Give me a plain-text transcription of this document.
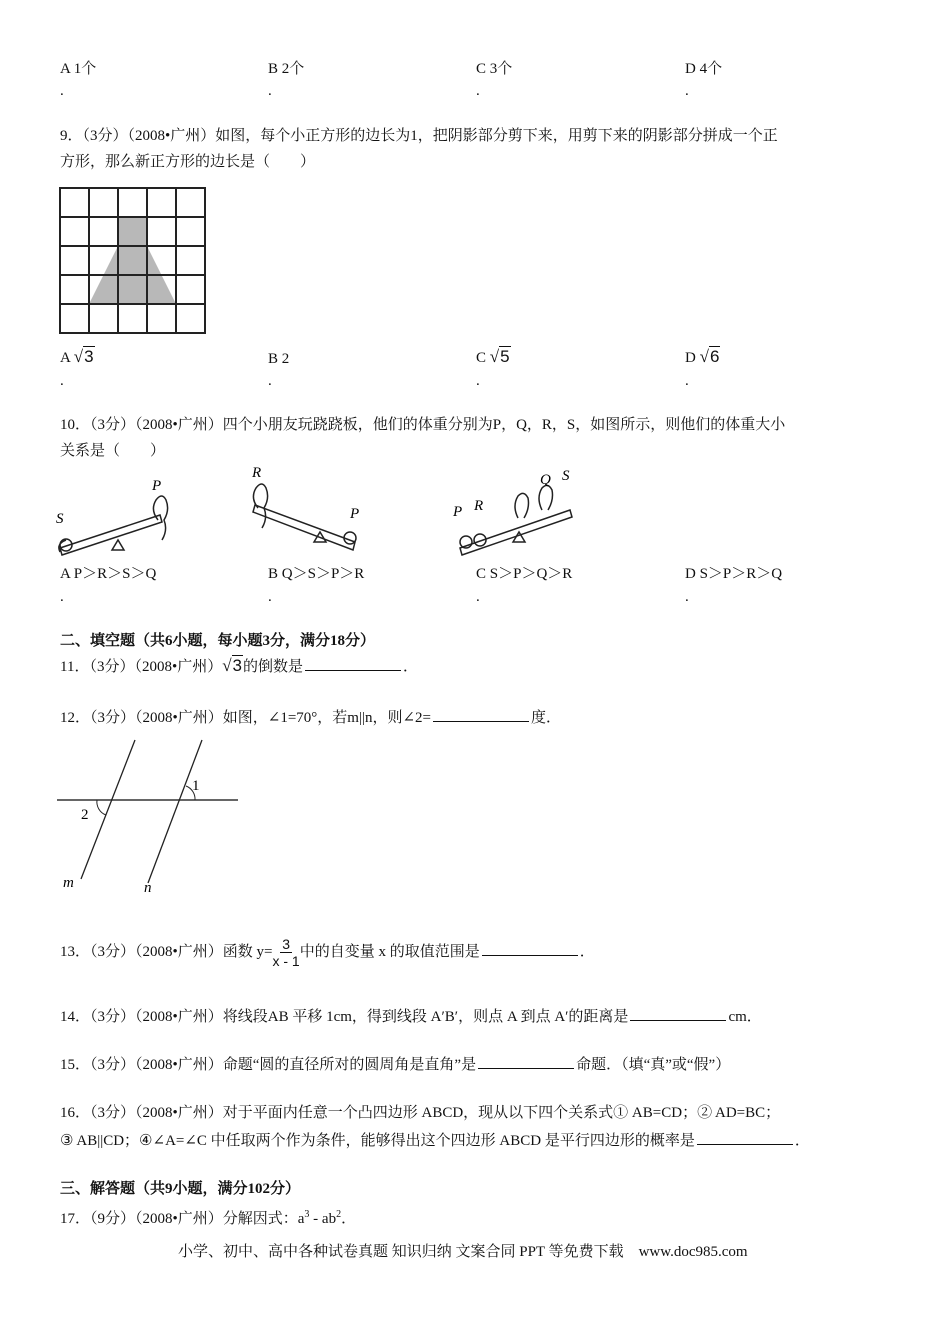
A 1个	B 2个	C 3个	D 4个
.	.	.	.
9．（3分）（2008•广州）如图，每个小正方形的边长为1，把阴影部分剪下来，用剪下来的阴影部分拼成一个正
方形，那么新正方形的边长是（　　）
A √3	B 2	C √5	D √6
.	.	.	.
10．（3分）（2008•广州）四个小朋友玩跷跷板，他们的体重分别为P，Q，R，S，如图所示，则他们的体重大小
关系是（　　）
S
P
R
P	P R
Q S
A P＞R＞S＞Q	B Q＞S＞P＞R	C S＞P＞Q＞R	D S＞P＞R＞Q
.	.	.	.
二、填空题（共6小题，每小题3分，满分18分）
11．（3分）（2008•广州）√3的倒数是	．
12．（3分）（2008•广州）如图，∠1=70°，若m||n，则∠2=	度．
2
1
m	n
13．（3分）（2008•广州）函数 $y= \frac{3}{x - 1}$ 中的自变量 x 的取值范围是	．
14．（3分）（2008•广州）将线段AB 平移 1cm，得到线段 A′B′，则点 A 到点 A′的距离是	cm．
15．（3分）（2008•广州）命题“圆的直径所对的圆周角是直角”是	命题．（填“真”或“假”）
16．（3分）（2008•广州）对于平面内任意一个凸四边形 ABCD，现从以下四个关系式① AB=CD；② AD=BC；
③ AB||CD；④∠A=∠C 中任取两个作为条件，能够得出这个四边形 ABCD 是平行四边形的概率是	．
三、解答题（共9小题，满分102分）
17．（9分）（2008•广州）分解因式：$a^3 - ab^2$．
小学、初中、高中各种试卷真题 知识归纳 文案合同 PPT 等免费下载　www.doc985.com
